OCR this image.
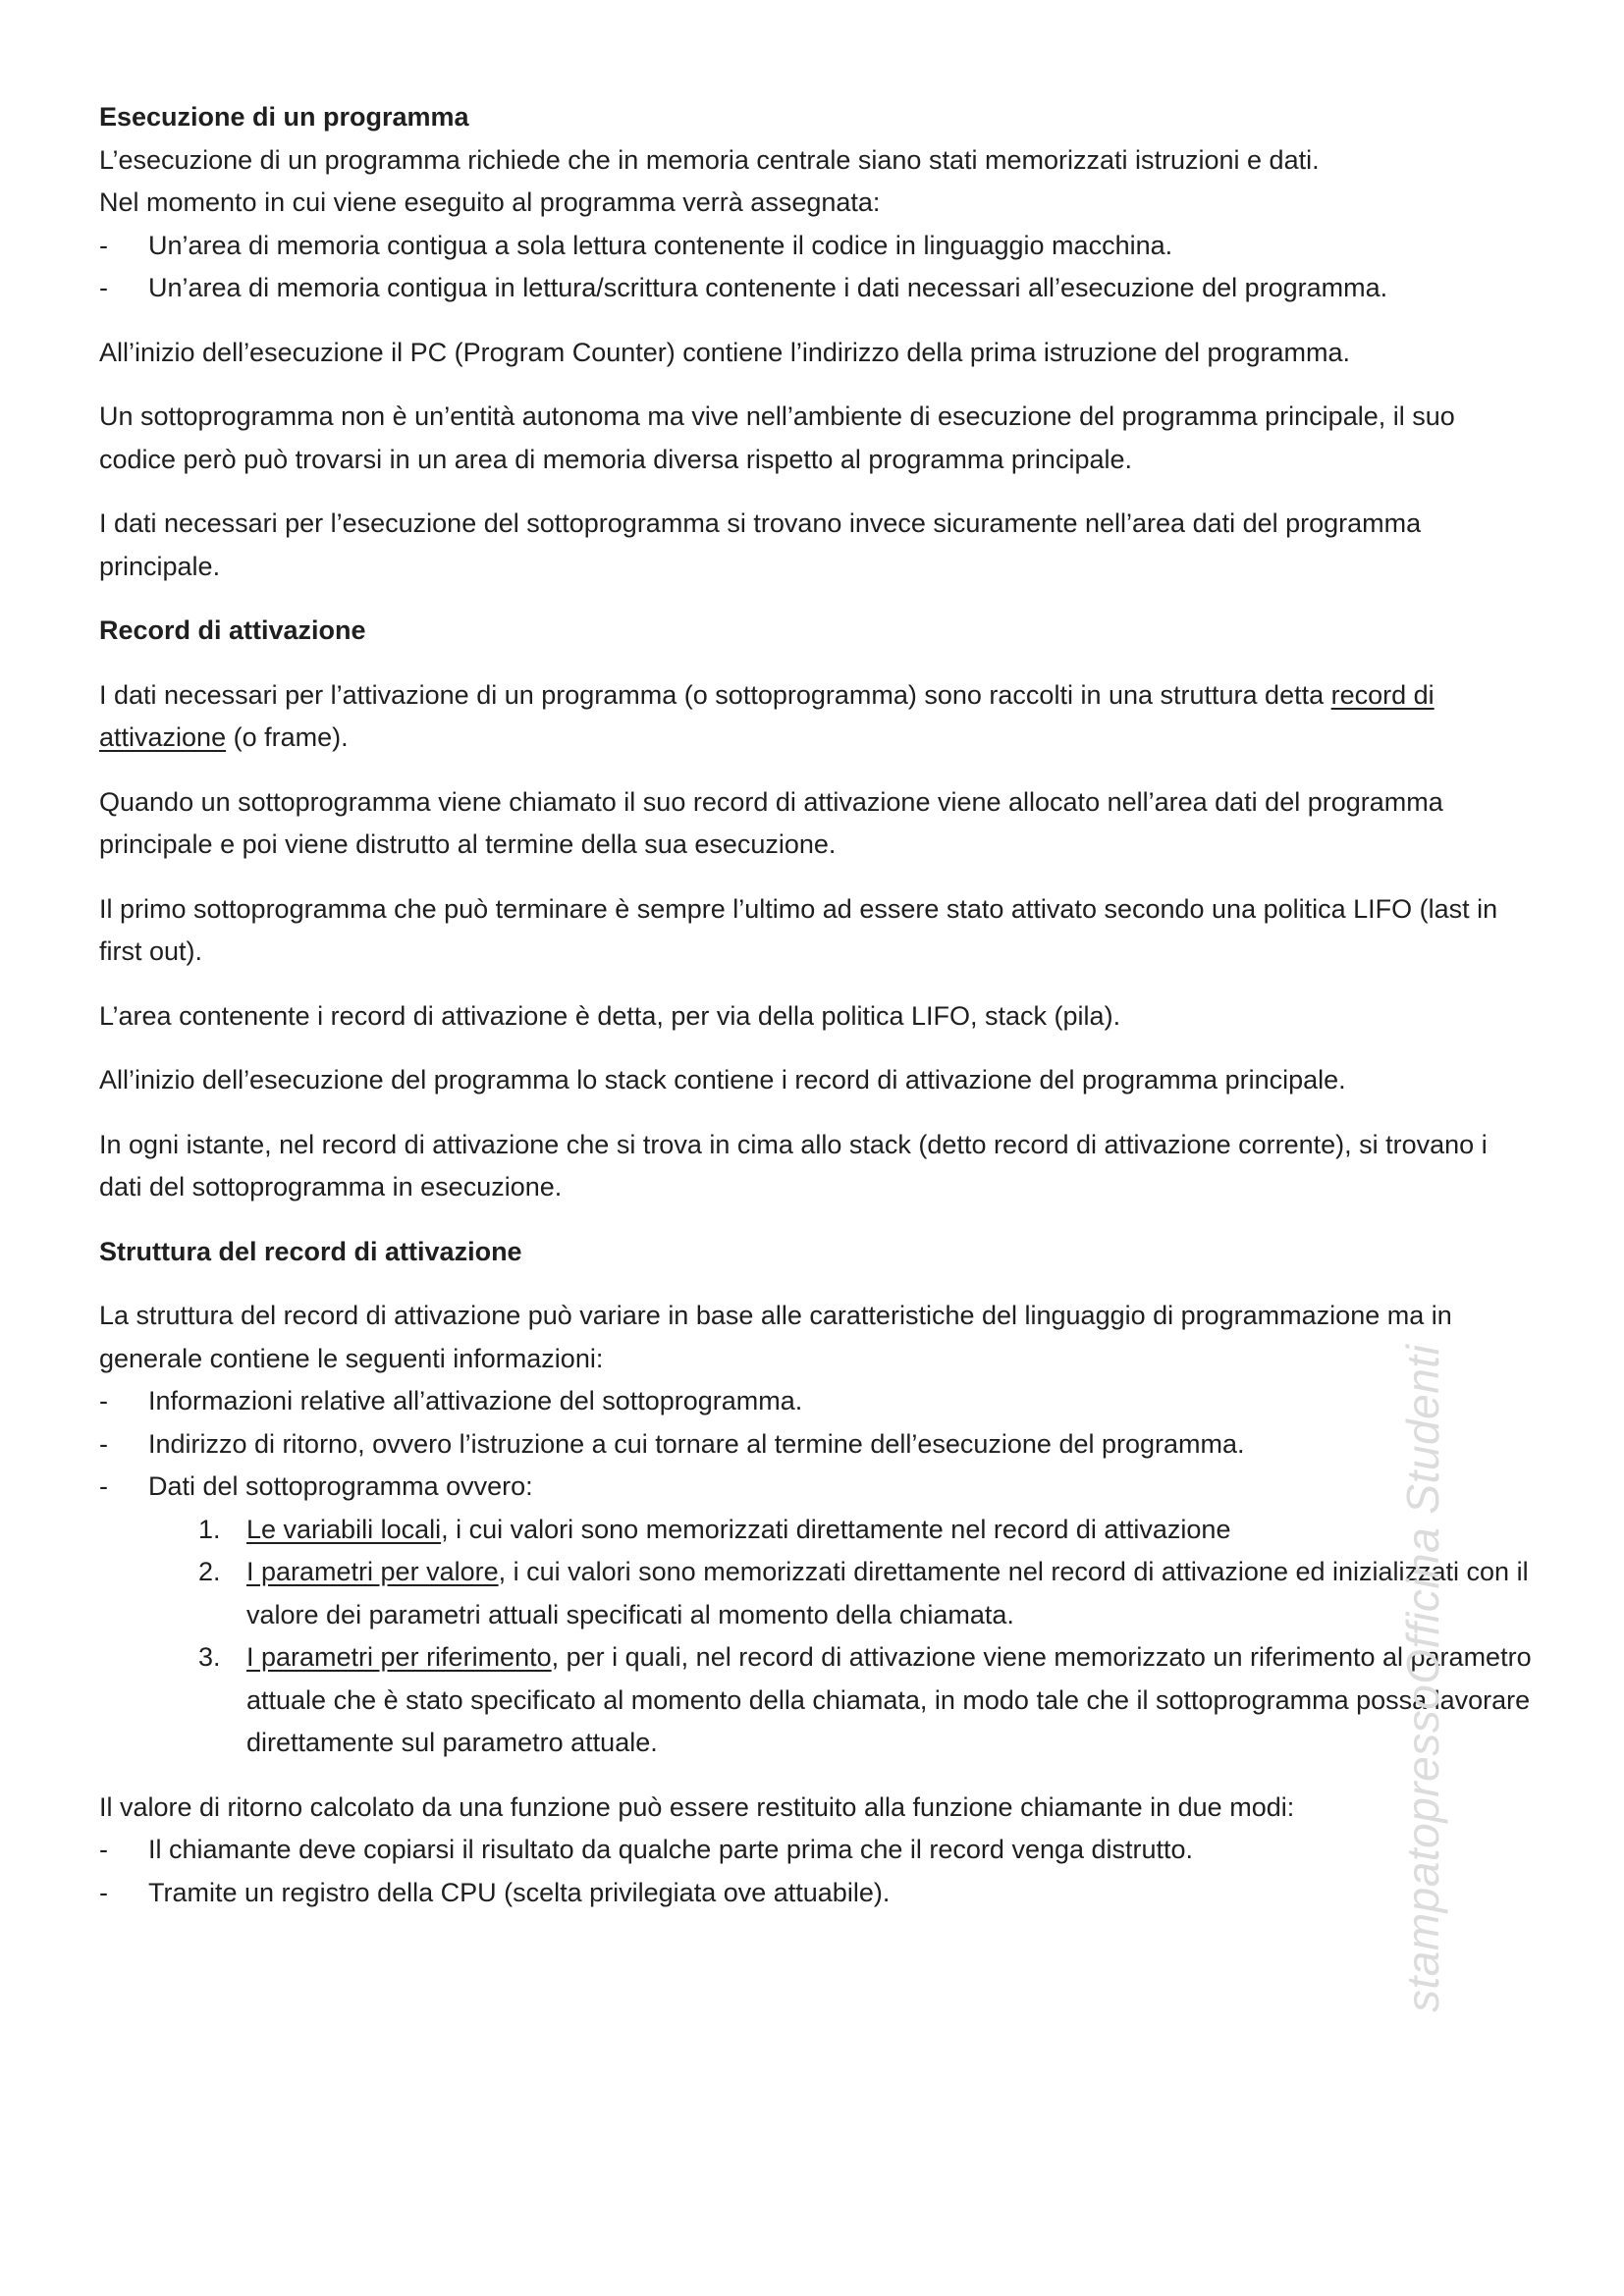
Esecuzione di un programma

L’esecuzione di un programma richiede che in memoria centrale siano stati memorizzati istruzioni e dati.

Nel momento in cui viene eseguito al programma verrà assegnata:

- Un’area di memoria contigua a sola lettura contenente il codice in linguaggio macchina.
- Un’area di memoria contigua in lettura/scrittura contenente i dati necessari all’esecuzione del programma.

All’inizio dell’esecuzione il PC (Program Counter) contiene l’indirizzo della prima istruzione del programma.

Un sottoprogramma non è un’entità autonoma ma vive nell’ambiente di esecuzione del programma principale, il suo codice però può trovarsi in un area di memoria diversa rispetto al programma principale.

I dati necessari per l’esecuzione del sottoprogramma si trovano invece sicuramente nell’area dati del programma principale.

Record di attivazione

I dati necessari per l’attivazione di un programma (o sottoprogramma) sono raccolti in una struttura detta record di attivazione (o frame).

Quando un sottoprogramma viene chiamato il suo record di attivazione viene allocato nell’area dati del programma principale e poi viene distrutto al termine della sua esecuzione.

Il primo sottoprogramma che può terminare è sempre l’ultimo ad essere stato attivato secondo una politica LIFO (last in first out).

L’area contenente i record di attivazione è detta, per via della politica LIFO, stack (pila).

All’inizio dell’esecuzione del programma lo stack contiene i record di attivazione del programma principale.

In ogni istante, nel record di attivazione che si trova in cima allo stack (detto record di attivazione corrente), si trovano i dati del sottoprogramma in esecuzione.

Struttura del record di attivazione

La struttura del record di attivazione può variare in base alle caratteristiche del linguaggio di programmazione ma in generale contiene le seguenti informazioni:

- Informazioni relative all’attivazione del sottoprogramma.
- Indirizzo di ritorno, ovvero l’istruzione a cui tornare al termine dell’esecuzione del programma.
- Dati del sottoprogramma ovvero:
1. Le variabili locali, i cui valori sono memorizzati direttamente nel record di attivazione
2. I parametri per valore, i cui valori sono memorizzati direttamente nel record di attivazione ed inizializzati con il valore dei parametri attuali specificati al momento della chiamata.
3. I parametri per riferimento, per i quali, nel record di attivazione viene memorizzato un riferimento al parametro attuale che è stato specificato al momento della chiamata, in modo tale che il sottoprogramma possa lavorare direttamente sul parametro attuale.

Il valore di ritorno calcolato da una funzione può essere restituito alla funzione chiamante in due modi:

- Il chiamante deve copiarsi il risultato da qualche parte prima che il record venga distrutto.
- Tramite un registro della CPU (scelta privilegiata ove attuabile).	stampatopressoOfficina Studenti
